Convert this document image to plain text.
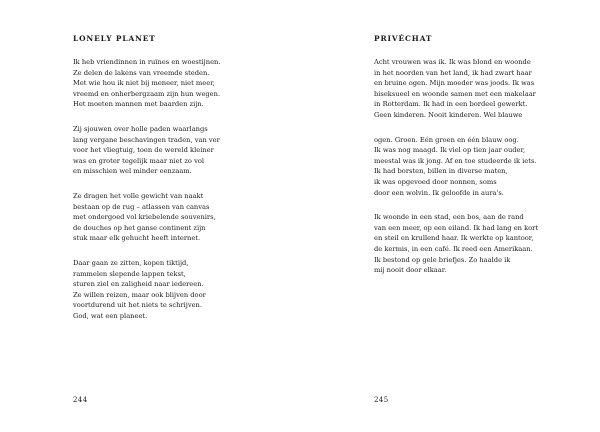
LONELY PLANET
Ik heb vriendinnen in ruïnes en woestijnen.
Ze delen de lakens van vreemde steden.
Met wie hou ik niet bij meneer, niet meer,
vreemd en onherbergzaam zijn hun wegen.
Het moeten mannen met baarden zijn.
Zij sjouwen over holle paden waarlangs
lang vergane beschavingen traden, van ver
voor het vliegtuig, toen de wereld kleiner
was en groter tegelijk maar niet zo vol
en misschien wel minder eenzaam.
Ze dragen het volle gewicht van naakt
bestaan op de rug – atlassen van canvas
met ondergoed vol kriebelende souvenirs,
de douches op het ganse continent zijn
stuk maar elk gehucht heeft internet.
Daar gaan ze zitten, kopen tiktijd,
rammelen slepende lappen tekst,
sturen ziel en zaligheid naar iedereen.
Ze willen reizen, maar ook blijven door
voortdurend uit het niets te schrijven.
God, wat een planeet.
244
PRIVÉCHAT
Acht vrouwen was ik. Ik was blond en woonde
in het noorden van het land, ik had zwart haar
en bruine ogen. Mijn moeder was joods. Ik was
biseksueel en woonde samen met een makelaar
in Rotterdam. Ik had in een bordeel gewerkt.
Geen kinderen. Nooit kinderen. Wel blauwe
ogen. Groen. Eén groen en één blauw oog.
Ik was nog maagd. Ik viel op tien jaar ouder,
meestal was ik jong. Af en toe studeerde ik iets.
Ik had borsten, billen in diverse maten,
ik was opgevoed door nonnen, soms
door een wolvin. Ik geloofde in aura's.
Ik woonde in een stad, een bos, aan de rand
van een meer, op een eiland. Ik had lang en kort
en steil en krullend haar. Ik werkte op kantoor,
de kermis, in een café. Ik reed een Amerikaan.
Ik bestond op gele briefjes. Zo haalde ik
mij nooit door elkaar.
245
